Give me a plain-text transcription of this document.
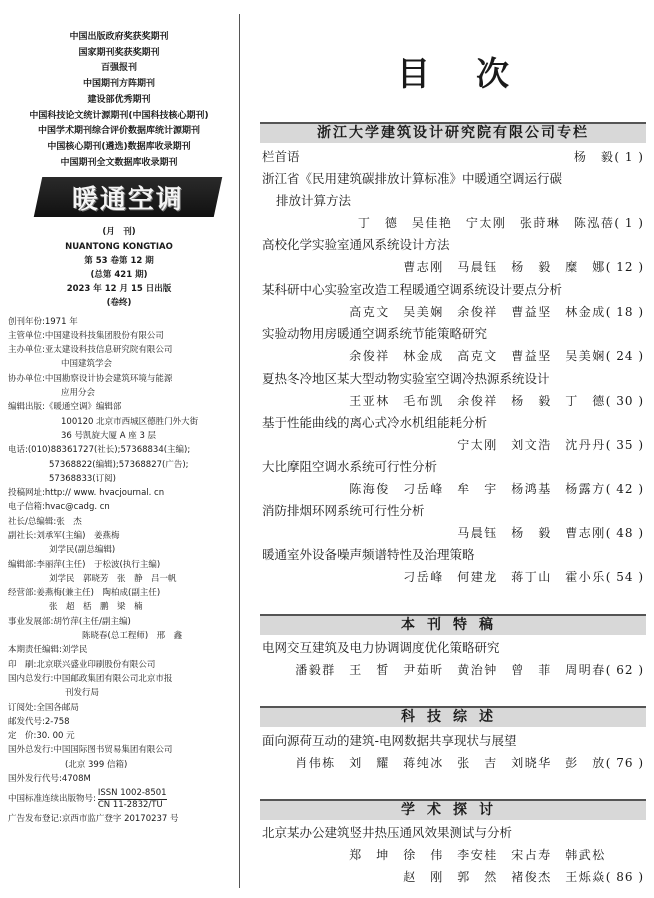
中国出版政府奖获奖期刊
国家期刊奖获奖期刊
百强报刊
中国期刊方阵期刊
建设部优秀期刊
中国科技论文统计源期刊(中国科技核心期刊)
中国学术期刊综合评价数据库统计源期刊
中国核心期刊(遴选)数据库收录期刊
中国期刊全文数据库收录期刊
暖通空调
(月　刊)
NUANTONG KONGTIAO
第 53 卷第 12 期
(总第 421 期)
2023 年 12 月 15 日出版
(卷终)
创刊年份:1971 年
主管单位:中国建设科技集团股份有限公司
主办单位:亚太建设科技信息研究院有限公司
中国建筑学会
协办单位:中国勘察设计协会建筑环境与能源
应用分会
编辑出版:《暖通空调》编辑部
100120 北京市西城区德胜门外大街
36 号凯旋大厦 A 座 3 层
电话:(010)88361727(社长);57368834(主编);
57368822(编辑);57368827(广告);
57368833(订阅)
投稿网址:http:// www. hvacjournal. cn
电子信箱:hvac@cadg. cn
社长/总编辑:张　杰
副社长:刘承军(主编)　姜燕梅
刘学民(副总编辑)
编辑部:李丽萍(主任)　于松波(执行主编)
刘学民　郭晓芳　张　静　吕一帆
经营部:姜燕梅(兼主任)　陶柏成(副主任)
张　超　栝　鹏　梁　楠
事业发展部:胡竹萍(主任/副主编)
陈晓春(总工程师)　邢　鑫
本期责任编辑:刘学民
印　刷:北京联兴盛业印刷股份有限公司
国内总发行:中国邮政集团有限公司北京市报
刊发行局
订阅处:全国各邮局
邮发代号:2-758
定　价:30. 00 元
国外总发行:中国国际图书贸易集团有限公司
(北京 399 信箱)
国外发行代号:4708M
中国标准连续出版物号:
ISSN 1002-8501
CN 11-2832/TU
广告发布登记:京西市监广登字 20170237 号
目次
浙江大学建筑设计研究院有限公司专栏
栏首语	杨　毅( 1 )
浙江省《民用建筑碳排放计算标准》中暖通空调运行碳
排放计算方法
丁　德　吴佳艳　宁太刚　张莳琳　陈泓蓓( 1 )
高校化学实验室通风系统设计方法
曹志刚　马晨钰　杨　毅　糜　娜( 12 )
某科研中心实验室改造工程暖通空调系统设计要点分析
高克文　吴美娴　余俊祥　曹益坚　林金成( 18 )
实验动物用房暖通空调系统节能策略研究
余俊祥　林金成　高克文　曹益坚　吴美娴( 24 )
夏热冬冷地区某大型动物实验室空调冷热源系统设计
王亚林　毛布凯　余俊祥　杨　毅　丁　德( 30 )
基于性能曲线的离心式冷水机组能耗分析
宁太刚　刘文浩　沈丹丹( 35 )
大比摩阻空调水系统可行性分析
陈海俊　刁岳峰　牟　宇　杨鸿基　杨露方( 42 )
消防排烟环网系统可行性分析
马晨钰　杨　毅　曹志刚( 48 )
暖通室外设备噪声频谱特性及治理策略
刁岳峰　何建龙　蒋丁山　霍小乐( 54 )
本刊特稿
电网交互建筑及电力协调调度优化策略研究
潘毅群　王　皙　尹茹昕　黄治钟　曾　菲　周明春( 62 )
科技综述
面向源荷互动的建筑-电网数据共享现状与展望
肖伟栋　刘　耀　蒋纯冰　张　吉　刘晓华　彭　放( 76 )
学术探讨
北京某办公建筑竖井热压通风效果测试与分析
郑　坤　徐　伟　李安桂　宋占寿　韩武松
赵　刚　郭　然　褚俊杰　王烁焱( 86 )
